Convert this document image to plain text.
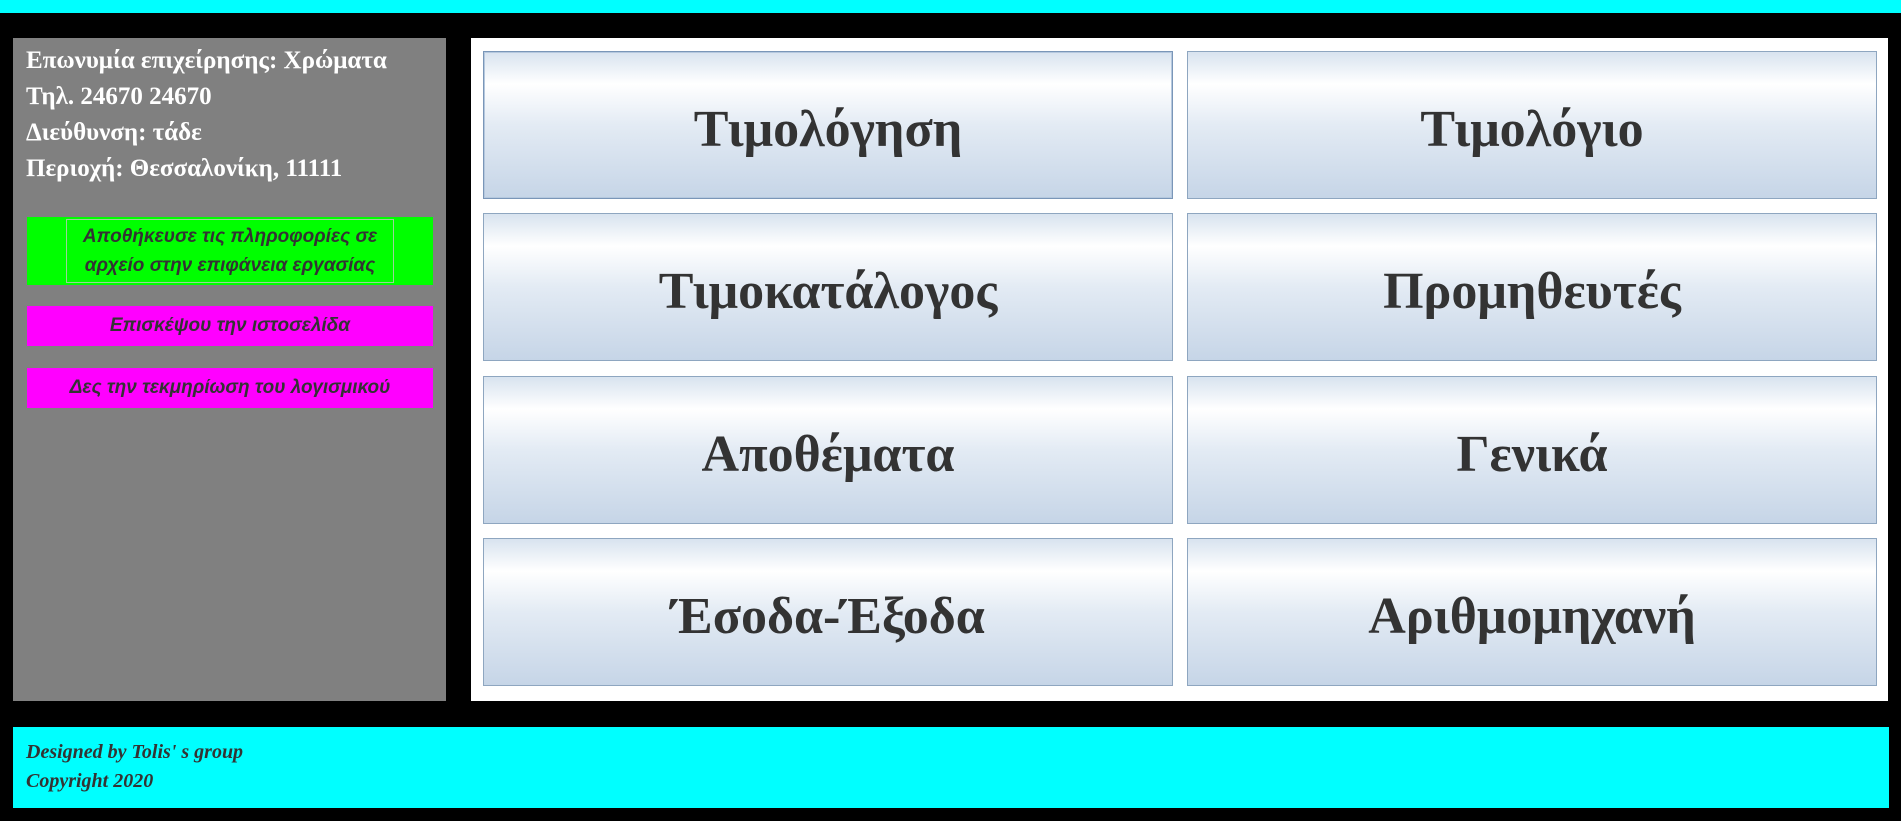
Επωνυμία επιχείρησης: Χρώματα
Τηλ. 24670 24670
Διεύθυνση: τάδε
Περιοχή: Θεσσαλονίκη, 11111
Αποθήκευσε τις πληροφορίες σε
αρχείο στην επιφάνεια εργασίας
Επισκέψου την ιστοσελίδα
Δες την τεκμηρίωση του λογισμικού
Τιμολόγηση	Τιμολόγιο
Τιμοκατάλογος	Προμηθευτές
Αποθέματα	Γενικά
Έσοδα-Έξοδα	Αριθμομηχανή
Designed by Tolis' s group
Copyright 2020
